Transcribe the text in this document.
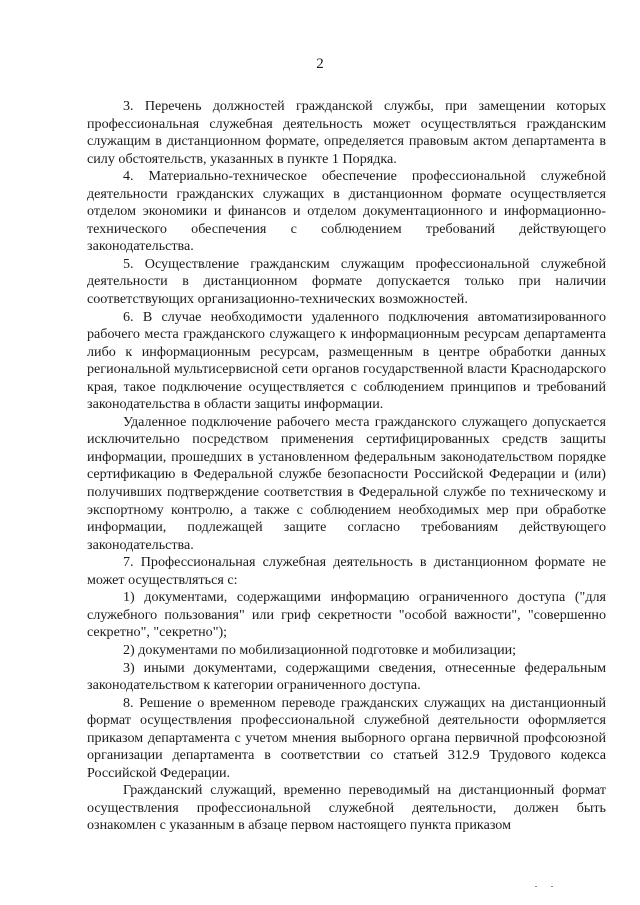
2

3. Перечень должностей гражданской службы, при замещении которых профессиональная служебная деятельность может осуществляться гражданским служащим в дистанционном формате, определяется правовым актом департамента в силу обстоятельств, указанных в пункте 1 Порядка.

4. Материально-техническое обеспечение профессиональной служебной деятельности гражданских служащих в дистанционном формате осуществляется отделом экономики и финансов и отделом документационного и информационно-технического обеспечения с соблюдением требований действующего законодательства.

5. Осуществление гражданским служащим профессиональной служебной деятельности в дистанционном формате допускается только при наличии соответствующих организационно-технических возможностей.

6. В случае необходимости удаленного подключения автоматизированного рабочего места гражданского служащего к информационным ресурсам департамента либо к информационным ресурсам, размещенным в центре обработки данных региональной мультисервисной сети органов государственной власти Краснодарского края, такое подключение осуществляется с соблюдением принципов и требований законодательства в области защиты информации.

Удаленное подключение рабочего места гражданского служащего допускается исключительно посредством применения сертифицированных средств защиты информации, прошедших в установленном федеральным законодательством порядке сертификацию в Федеральной службе безопасности Российской Федерации и (или) получивших подтверждение соответствия в Федеральной службе по техническому и экспортному контролю, а также с соблюдением необходимых мер при обработке информации, подлежащей защите согласно требованиям действующего законодательства.

7. Профессиональная служебная деятельность в дистанционном формате не может осуществляться с:

1) документами, содержащими информацию ограниченного доступа ("для служебного пользования" или гриф секретности "особой важности", "совершенно секретно", "секретно");

2) документами по мобилизационной подготовке и мобилизации;

3) иными документами, содержащими сведения, отнесенные федеральным законодательством к категории ограниченного доступа.

8. Решение о временном переводе гражданских служащих на дистанционный формат осуществления профессиональной служебной деятельности оформляется приказом департамента с учетом мнения выборного органа первичной профсоюзной организации департамента в соответствии со статьей 312.9 Трудового кодекса Российской Федерации.

Гражданский служащий, временно переводимый на дистанционный формат осуществления профессиональной служебной деятельности, должен быть ознакомлен с указанным в абзаце первом настоящего пункта приказом
